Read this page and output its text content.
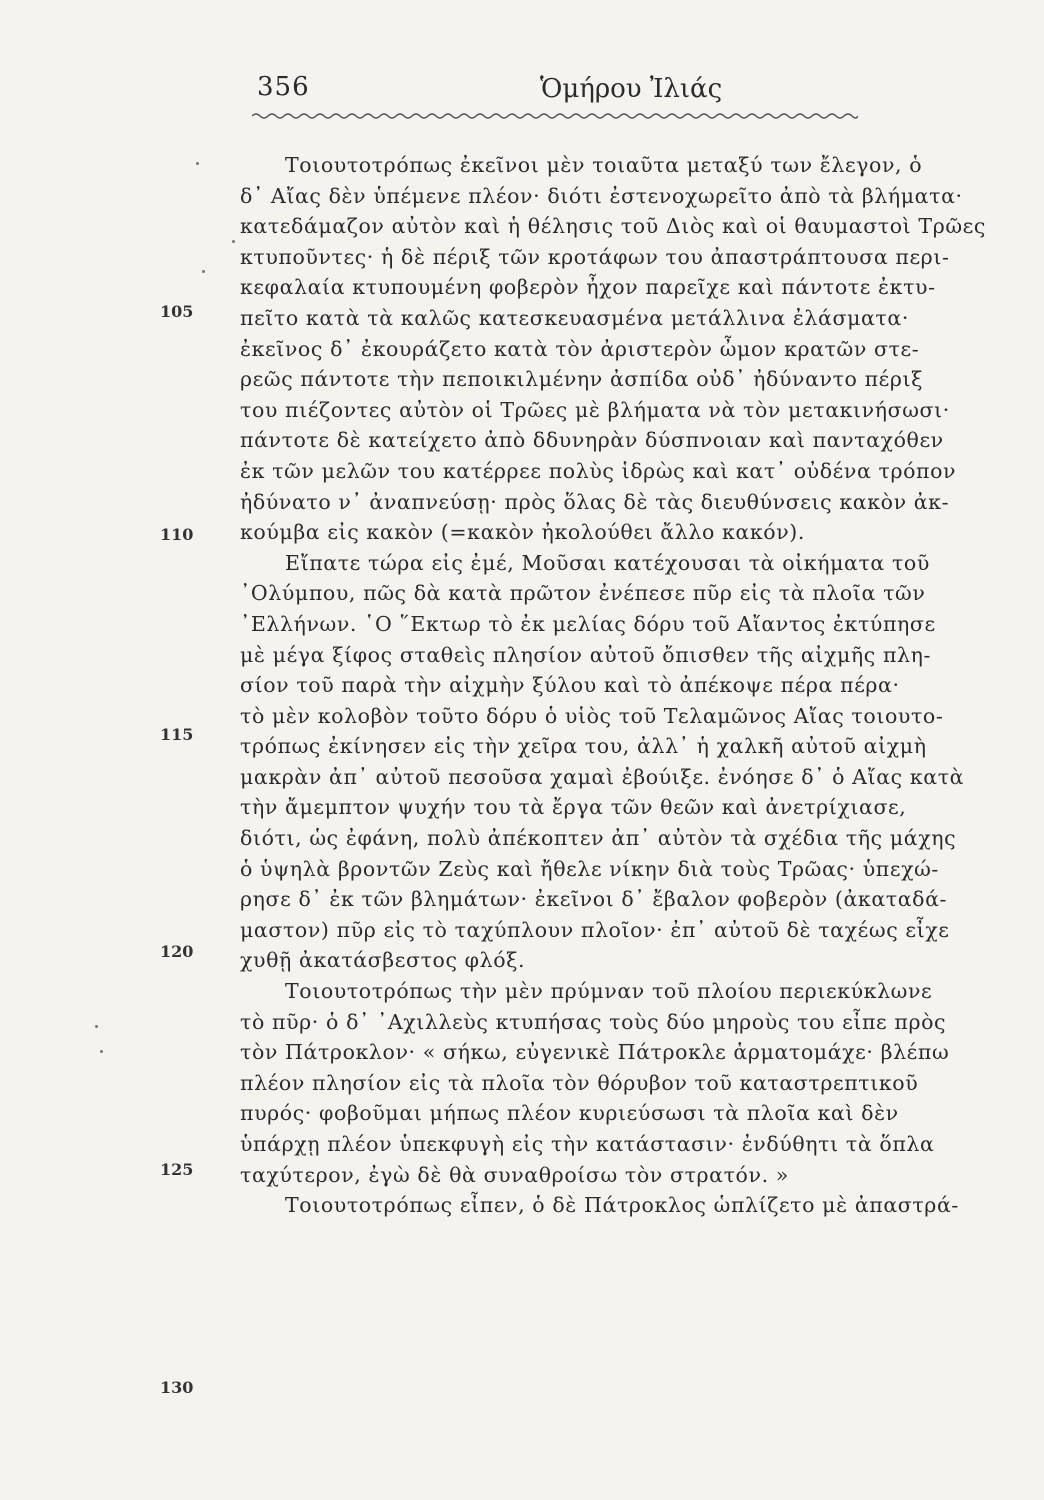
356	Ὁμήρου Ἰλιάς
105
110
115
120
125
130
Τοιουτοτρόπως ἐκεῖνοι μὲν τοιαῦτα μεταξύ των ἔλεγον, ὁ
δ᾿ Αἴας δὲν ὑπέμενε πλέον· διότι ἐστενοχωρεῖτο ἀπὸ τὰ βλήματα·
κατεδάμαζον αὐτὸν καὶ ἡ θέλησις τοῦ Διὸς καὶ οἱ θαυμαστοὶ Τρῶες
κτυποῦντες· ἡ δὲ πέριξ τῶν κροτάφων του ἀπαστράπτουσα περι-
κεφαλαία κτυπουμένη φοβερὸν ἦχον παρεῖχε καὶ πάντοτε ἐκτυ-
πεῖτο κατὰ τὰ καλῶς κατεσκευασμένα μετάλλινα ἐλάσματα·
ἐκεῖνος δ᾿ ἐκουράζετο κατὰ τὸν ἀριστερὸν ὦμον κρατῶν στε-
ρεῶς πάντοτε τὴν πεποικιλμένην ἀσπίδα οὐδ᾿ ἠδύναντο πέριξ
του πιέζοντες αὐτὸν οἱ Τρῶες μὲ βλήματα νὰ τὸν μετακινήσωσι·
πάντοτε δὲ κατείχετο ἀπὸ δδυνηρὰν δύσπνοιαν καὶ πανταχόθεν
ἐκ τῶν μελῶν του κατέρρεε πολὺς ἱδρὼς καὶ κατ᾿ οὐδένα τρόπον
ἠδύνατο ν᾿ ἀναπνεύσῃ· πρὸς ὅλας δὲ τὰς διευθύνσεις κακὸν ἀκ-
κούμβα εἰς κακὸν (=κακὸν ἠκολούθει ἄλλο κακόν).
Εἴπατε τώρα εἰς ἐμέ, Μοῦσαι κατέχουσαι τὰ οἰκήματα τοῦ
᾿Ολύμπου, πῶς δὰ κατὰ πρῶτον ἐνέπεσε πῦρ εἰς τὰ πλοῖα τῶν
᾿Ελλήνων. ῾Ο ῞Εκτωρ τὸ ἐκ μελίας δόρυ τοῦ Αἴαντος ἐκτύπησε
μὲ μέγα ξίφος σταθεὶς πλησίον αὐτοῦ ὄπισθεν τῆς αἰχμῆς πλη-
σίον τοῦ παρὰ τὴν αἰχμὴν ξύλου καὶ τὸ ἀπέκοψε πέρα πέρα·
τὸ μὲν κολοβὸν τοῦτο δόρυ ὁ υἱὸς τοῦ Τελαμῶνος Αἴας τοιουτο-
τρόπως ἐκίνησεν εἰς τὴν χεῖρα του, ἀλλ᾿ ἡ χαλκῆ αὐτοῦ αἰχμὴ
μακρὰν ἀπ᾿ αὐτοῦ πεσοῦσα χαμαὶ ἐβούιξε. ἐνόησε δ᾿ ὁ Αἴας κατὰ
τὴν ἄμεμπτον ψυχήν του τὰ ἔργα τῶν θεῶν καὶ ἀνετρίχιασε,
διότι, ὡς ἐφάνη, πολὺ ἀπέκοπτεν ἀπ᾿ αὐτὸν τὰ σχέδια τῆς μάχης
ὁ ὑψηλὰ βροντῶν Ζεὺς καὶ ἤθελε νίκην διὰ τοὺς Τρῶας· ὑπεχώ-
ρησε δ᾿ ἐκ τῶν βλημάτων· ἐκεῖνοι δ᾿ ἔβαλον φοβερὸν (ἀκαταδά-
μαστον) πῦρ εἰς τὸ ταχύπλουν πλοῖον· ἐπ᾿ αὐτοῦ δὲ ταχέως εἶχε
χυθῇ ἀκατάσβεστος φλόξ.
Τοιουτοτρόπως τὴν μὲν πρύμναν τοῦ πλοίου περιεκύκλωνε
τὸ πῦρ· ὁ δ᾿ ᾿Αχιλλεὺς κτυπήσας τοὺς δύο μηροὺς του εἶπε πρὸς
τὸν Πάτροκλον· « σήκω, εὐγενικὲ Πάτροκλε ἁρματομάχε· βλέπω
πλέον πλησίον εἰς τὰ πλοῖα τὸν θόρυβον τοῦ καταστρεπτικοῦ
πυρός· φοβοῦμαι μήπως πλέον κυριεύσωσι τὰ πλοῖα καὶ δὲν
ὑπάρχῃ πλέον ὑπεκφυγὴ εἰς τὴν κατάστασιν· ἐνδύθητι τὰ ὅπλα
ταχύτερον, ἐγὼ δὲ θὰ συναθροίσω τὸν στρατόν. »
Τοιουτοτρόπως εἶπεν, ὁ δὲ Πάτροκλος ὡπλίζετο μὲ ἀπαστρά-
